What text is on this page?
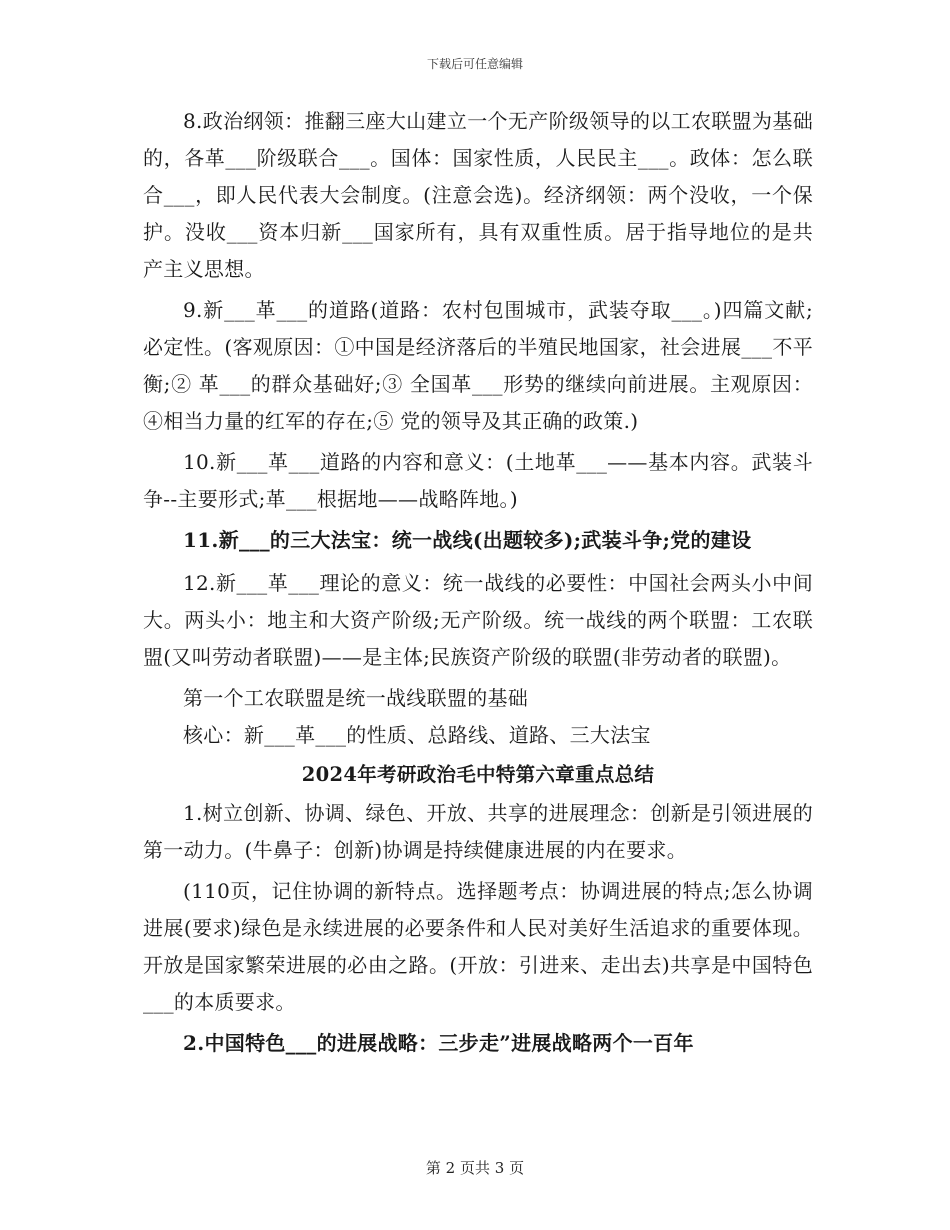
下载后可任意编辑

8.政治纲领：推翻三座大山建立一个无产阶级领导的以工农联盟为基础的，各革___阶级联合___。国体：国家性质，人民民主___。政体：怎么联合___，即人民代表大会制度。(注意会选)。经济纲领：两个没收，一个保护。没收___资本归新___国家所有，具有双重性质。居于指导地位的是共产主义思想。

9.新___革___的道路(道路：农村包围城市，武装夺取___。)四篇文献;必定性。(客观原因：①中国是经济落后的半殖民地国家，社会进展___不平衡;② 革___的群众基础好;③ 全国革___形势的继续向前进展。主观原因：④相当力量的红军的存在;⑤ 党的领导及其正确的政策.)

10.新___革___道路的内容和意义：(土地革___——基本内容。武装斗争--主要形式;革___根据地——战略阵地。)

11.新___的三大法宝：统一战线(出题较多);武装斗争;党的建设

12.新___革___理论的意义：统一战线的必要性：中国社会两头小中间大。两头小：地主和大资产阶级;无产阶级。统一战线的两个联盟：工农联盟(又叫劳动者联盟)——是主体;民族资产阶级的联盟(非劳动者的联盟)。

第一个工农联盟是统一战线联盟的基础

核心：新___革___的性质、总路线、道路、三大法宝

2024年考研政治毛中特第六章重点总结

1.树立创新、协调、绿色、开放、共享的进展理念：创新是引领进展的第一动力。(牛鼻子：创新)协调是持续健康进展的内在要求。

(110页，记住协调的新特点。选择题考点：协调进展的特点;怎么协调进展(要求)绿色是永续进展的必要条件和人民对美好生活追求的重要体现。开放是国家繁荣进展的必由之路。(开放：引进来、走出去)共享是中国特色___的本质要求。

2.中国特色___的进展战略：三步走”进展战略两个一百年

第 2 页共 3 页
